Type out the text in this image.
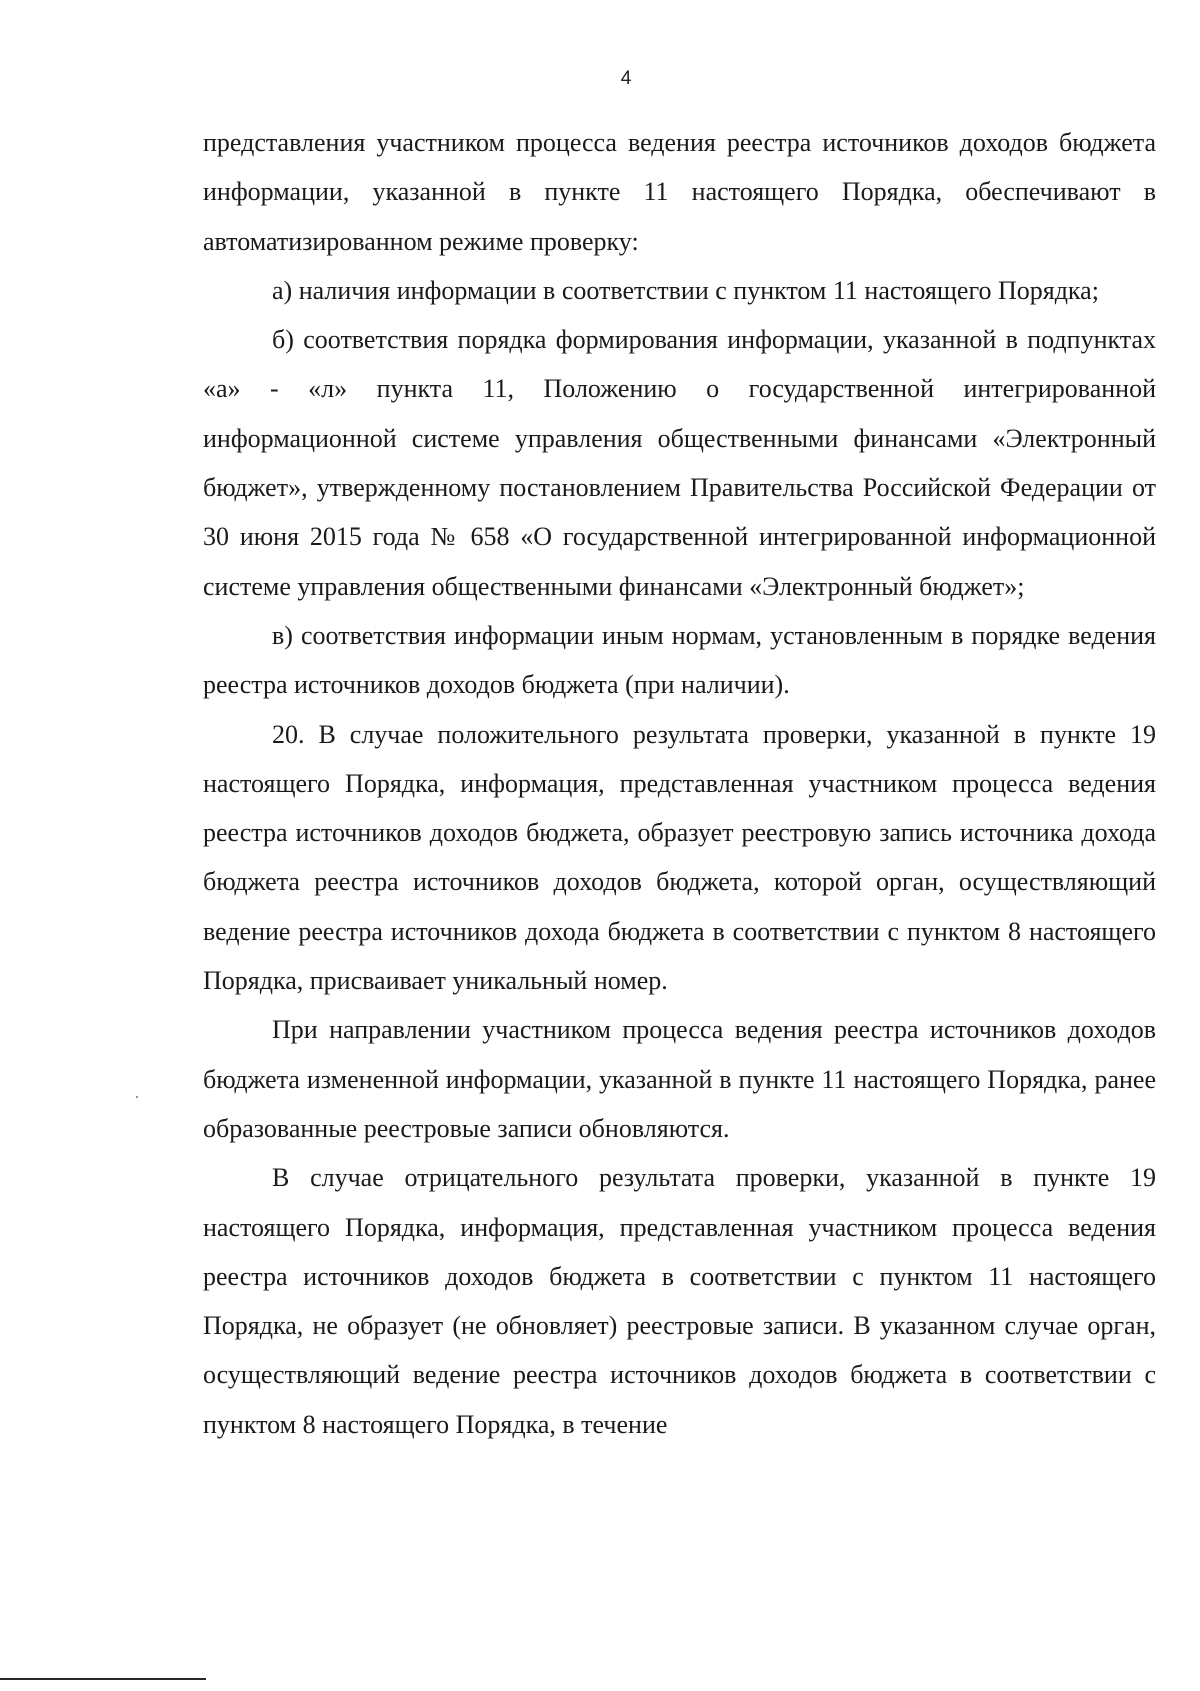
4

представления участником процесса ведения реестра источников доходов бюджета информации, указанной в пункте 11 настоящего Порядка, обеспечивают в автоматизированном режиме проверку:

а) наличия информации в соответствии с пунктом 11 настоящего Порядка;

б) соответствия порядка формирования информации, указанной в подпунктах «а» - «л» пункта 11, Положению о государственной интегрированной информационной системе управления общественными финансами «Электронный бюджет», утвержденному постановлением Правительства Российской Федерации от 30 июня 2015 года № 658 «О государственной интегрированной информационной системе управления общественными финансами «Электронный бюджет»;

в) соответствия информации иным нормам, установленным в порядке ведения реестра источников доходов бюджета (при наличии).

20. В случае положительного результата проверки, указанной в пункте 19 настоящего Порядка, информация, представленная участником процесса ведения реестра источников доходов бюджета, образует реестровую запись источника дохода бюджета реестра источников доходов бюджета, которой орган, осуществляющий ведение реестра источников дохода бюджета в соответствии с пунктом 8 настоящего Порядка, присваивает уникальный номер.

При направлении участником процесса ведения реестра источников доходов бюджета измененной информации, указанной в пункте 11 настоящего Порядка, ранее образованные реестровые записи обновляются.

В случае отрицательного результата проверки, указанной в пункте 19 настоящего Порядка, информация, представленная участником процесса ведения реестра источников доходов бюджета в соответствии с пунктом 11 настоящего Порядка, не образует (не обновляет) реестровые записи. В указанном случае орган, осуществляющий ведение реестра источников доходов бюджета в соответствии с пунктом 8 настоящего Порядка, в течение
